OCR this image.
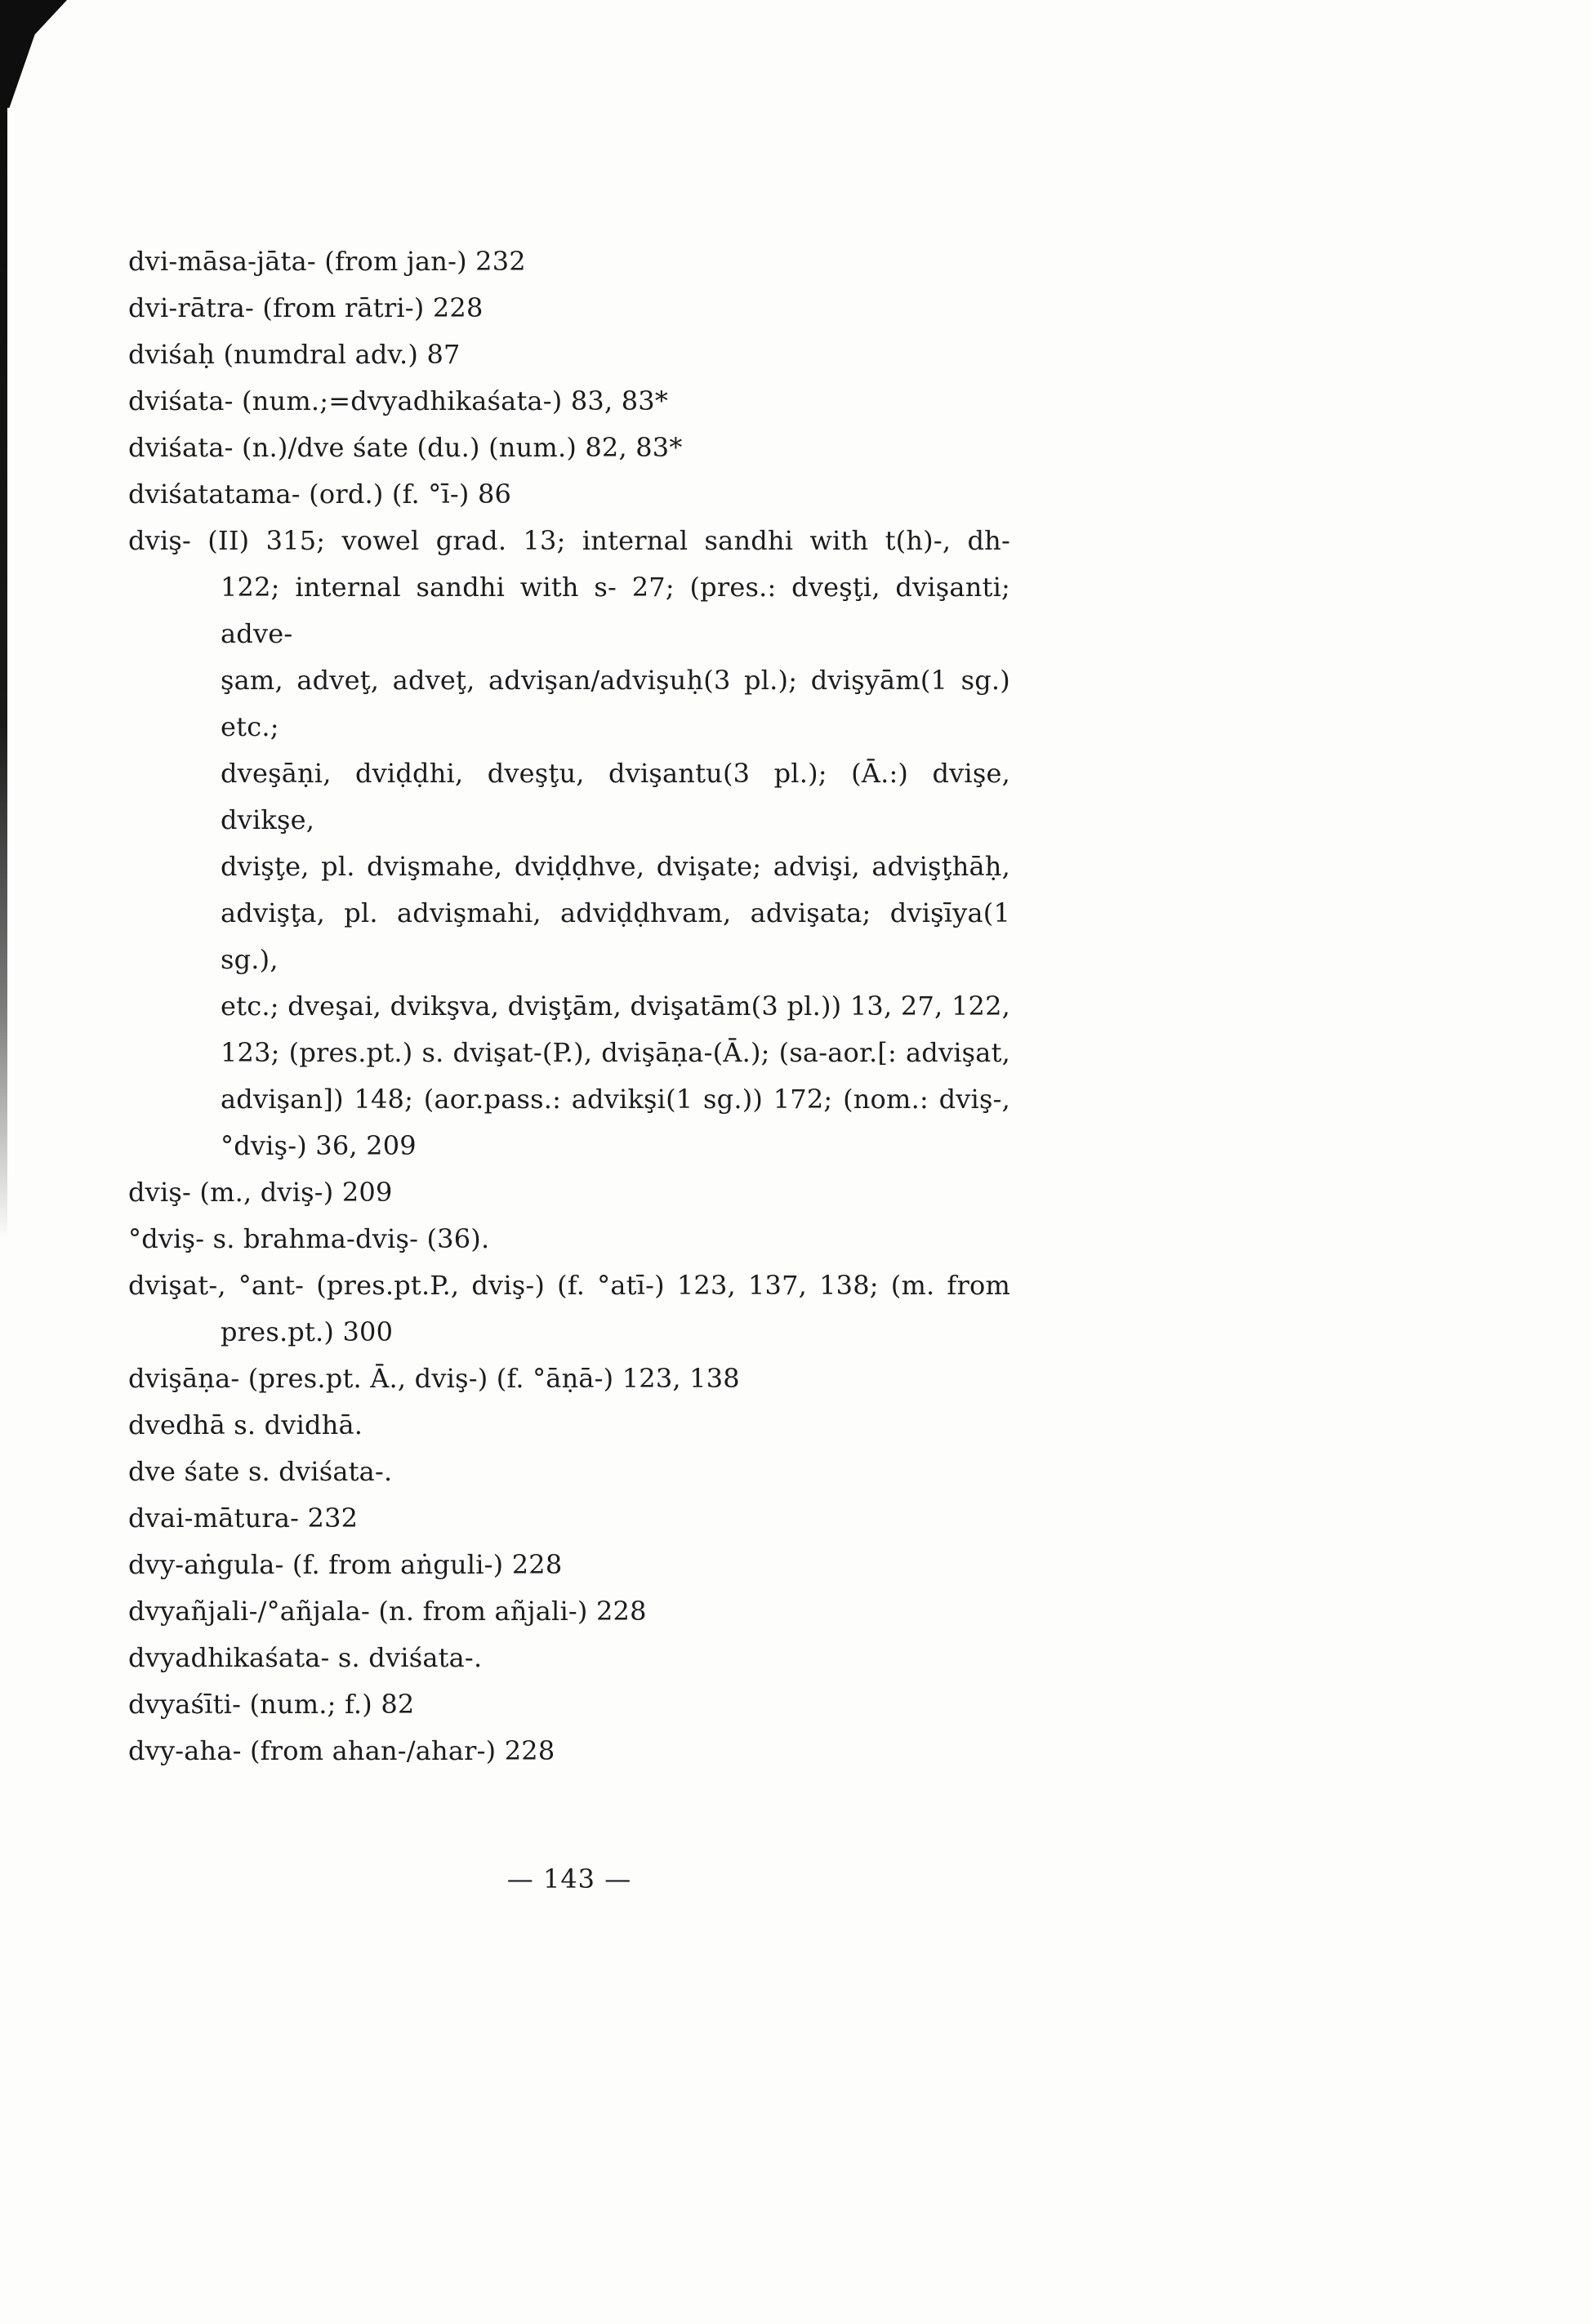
dvi-māsa-jāta- (from jan-) 232
dvi-rātra- (from rātri-) 228
dviśaḥ (numdral adv.) 87
dviśata- (num.;=dvyadhikaśata-) 83, 83*
dviśata- (n.)/dve śate (du.) (num.) 82, 83*
dviśatatama- (ord.) (f. °ī-) 86
dviş- (II) 315; vowel grad. 13; internal sandhi with t(h)-, dh-
122; internal sandhi with s- 27; (pres.: dveşţi, dvişanti; adve-
şam, adveţ, adveţ, advişan/advişuḥ(3 pl.); dvişyām(1 sg.) etc.;
dveşāṇi, dviḍḍhi, dveşţu, dvişantu(3 pl.); (Ā.:) dvişe, dvikşe,
dvişţe, pl. dvişmahe, dviḍḍhve, dvişate; advişi, advişţhāḥ,
advişţa, pl. advişmahi, adviḍḍhvam, advişata; dvişīya(1 sg.),
etc.; dveşai, dvikşva, dvişţām, dvişatām(3 pl.)) 13, 27, 122,
123; (pres.pt.) s. dvişat-(P.), dvişāṇa-(Ā.); (sa-aor.[: advişat,
advişan]) 148; (aor.pass.: advikşi(1 sg.)) 172; (nom.: dviş-,
°dviş-) 36, 209
dviş- (m., dviş-) 209
°dviş- s. brahma-dviş- (36).
dvişat-, °ant- (pres.pt.P., dviş-) (f. °atī-) 123, 137, 138; (m. from
pres.pt.) 300
dvişāṇa- (pres.pt. Ā., dviş-) (f. °āṇā-) 123, 138
dvedhā s. dvidhā.
dve śate s. dviśata-.
dvai-mātura- 232
dvy-aṅgula- (f. from aṅguli-) 228
dvyañjali-/°añjala- (n. from añjali-) 228
dvyadhikaśata- s. dviśata-.
dvyaśīti- (num.; f.) 82
dvy-aha- (from ahan-/ahar-) 228
— 143 —
